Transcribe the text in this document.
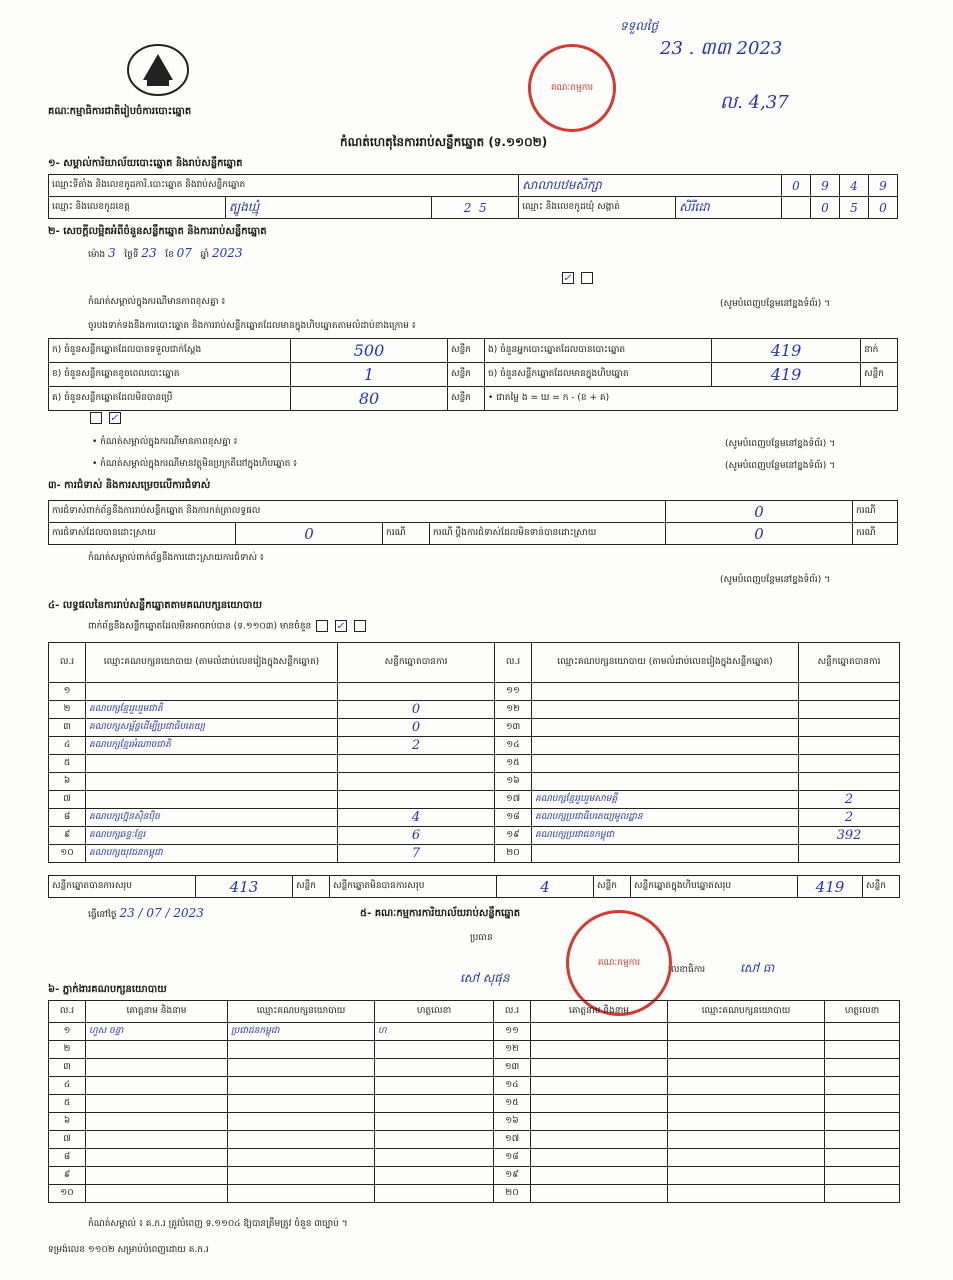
គណៈកម្មាធិការជាតិរៀបចំការបោះឆ្នោត
ទទួលថ្ងៃ
23 . ៣៣ 2023
ល. 4,37
គណៈកម្មការ
កំណត់ហេតុនៃការរាប់សន្លឹកឆ្នោត (ទ.១១០២)
១- សម្គាល់ការិយាល័យបោះឆ្នោត និងរាប់សន្លឹកឆ្នោត
ឈ្មោះទីតាំង និងលេខកូដការិ.បោះឆ្នោត និងរាប់សន្លឹកឆ្នោត			សាលាបឋមសិក្សា		0	9	4	9
ឈ្មោះ និងលេខកូដខេត្ត	ត្បូងឃ្មុំ	2 5	ឈ្មោះ និងលេខកូដឃុំ សង្កាត់	សិរីដោ		0	5	0
២- សេចក្តីលម្អិតអំពីចំនួនសន្លឹកឆ្នោត និងការរាប់សន្លឹកឆ្នោត
ម៉ោង 3   ថ្ងៃទី 23   ខែ 07   ឆ្នាំ 2023
✓
កំណត់សម្គាល់ក្នុងករណីមានភាពខុសគ្នា ៖	(សូមបំពេញបន្ថែមនៅខ្នងទំព័រ) ។
ចូរបងទាក់ទងនឹងការបោះឆ្នោត និងការរាប់សន្លឹកឆ្នោតដែលមានក្នុងហិបឆ្នោតតាមលំដាប់ខាងក្រោម ៖
ក) ចំនួនសន្លឹកឆ្នោតដែលបានទទួលជាក់ស្តែង	500	សន្លឹក	ង) ចំនួនអ្នកបោះឆ្នោតដែលបានបោះឆ្នោត	419	នាក់
ខ) ចំនួនសន្លឹកឆ្នោតខូចពេលបោះឆ្នោត	1	សន្លឹក	ច) ចំនួនសន្លឹកឆ្នោតដែលមានក្នុងហិបឆ្នោត	419	សន្លឹក
គ) ចំនួនសន្លឹកឆ្នោតដែលមិនបានប្រើ	80	សន្លឹក	• ជាតម្លៃ ង = ឃ = ក - (ខ + គ)		
✓
• កំណត់សម្គាល់ក្នុងករណីមានភាពខុសគ្នា ៖	(សូមបំពេញបន្ថែមនៅខ្នងទំព័រ) ។
• កំណត់សម្គាល់ក្នុងករណីមានវត្ថុមិនប្រក្រតីនៅក្នុងហិបឆ្នោត ៖	(សូមបំពេញបន្ថែមនៅខ្នងទំព័រ) ។
៣- ការជំទាស់ និងការសម្រេចលើការជំទាស់
ការជំទាស់ពាក់ព័ន្ធនឹងការរាប់សន្លឹកឆ្នោត និងការកត់ត្រាលទ្ធផល				0	ករណី
ការជំទាស់ដែលបានដោះស្រាយ	0	ករណី	ករណី ប្តឹងការជំទាស់ដែលមិនទាន់បានដោះស្រាយ	0	ករណី
កំណត់សម្គាល់ពាក់ព័ន្ធនឹងការដោះស្រាយការជំទាស់ ៖
(សូមបំពេញបន្ថែមនៅខ្នងទំព័រ) ។
៤- លទ្ធផលនៃការរាប់សន្លឹកឆ្នោតតាមគណបក្សនយោបាយ
ពាក់ព័ន្ធនឹងសន្លឹកឆ្នោតដែលមិនអាចរាប់បាន (ទ.១១០៣) មានចំនួន ✓
ល.រ	ឈ្មោះគណបក្សនយោបាយ (តាមលំដាប់លេខរៀងក្នុងសន្លឹកឆ្នោត)	សន្លឹកឆ្នោតបានការ	ល.រ	ឈ្មោះគណបក្សនយោបាយ (តាមលំដាប់លេខរៀងក្នុងសន្លឹកឆ្នោត)	សន្លឹកឆ្នោតបានការ
១			១១		
២	គណបក្សខ្មែររួបរួមជាតិ	0	១២		
៣	គណបក្សសម្ព័ន្ធដើម្បីប្រជាធិបតេយ្យ	0	១៣		
៤	គណបក្សខ្មែរអំណាចជាតិ	2	១៤		
៥			១៥		
៦			១៦		
៧			១៧	គណបក្សខ្មែររួបរួមសាមគ្គី	2
៨	គណបក្សហ្វ៊ុនស៊ិនប៉ិច	4	១៨	គណបក្សប្រជាធិបតេយ្យមូលដ្ឋាន	2
៩	គណបក្សឆន្ទៈខ្មែរ	6	១៩	គណបក្សប្រជាជនកម្ពុជា	392
១០	គណបក្សយុវជនកម្ពុជា	7	២០		
សន្លឹកឆ្នោតបានការសរុប	413	សន្លឹក	សន្លឹកឆ្នោតមិនបានការសរុប	4	សន្លឹក	សន្លឹកឆ្នោតក្នុងហិបឆ្នោតសរុប	419	សន្លឹក
ធ្វើនៅថ្ងៃ 23 / 07 / 2023	៥- គណៈកម្មការការិយាល័យរាប់សន្លឹកឆ្នោត
ប្រធាន
សៅ សុផុន
លេខាធិការ	សៅ ធា
គណៈកម្មការ
៦- ភ្នាក់ងារគណបក្សនយោបាយ
ល.រ	គោត្តនាម និងនាម	ឈ្មោះគណបក្សនយោបាយ	ហត្ថលេខា	ល.រ	គោត្តនាម និងនាម	ឈ្មោះគណបក្សនយោបាយ	ហត្ថលេខា
១	ហួស ចន្ទា	ប្រជាជនកម្ពុជា	ហ	១១			
២				១២			
៣				១៣			
៤				១៤			
៥				១៥			
៦				១៦			
៧				១៧			
៨				១៨			
៩				១៩			
១០				២០			
កំណត់សម្គាល់ ៖ គ.ក.រ ត្រូវបំពេញ ទ.១១០៤ ឱ្យបានត្រឹមត្រូវ ចំនួន ៣ច្បាប់ ។
ទម្រង់លេខ ១១០២ សម្រាប់បំពេញដោយ គ.ក.រ
